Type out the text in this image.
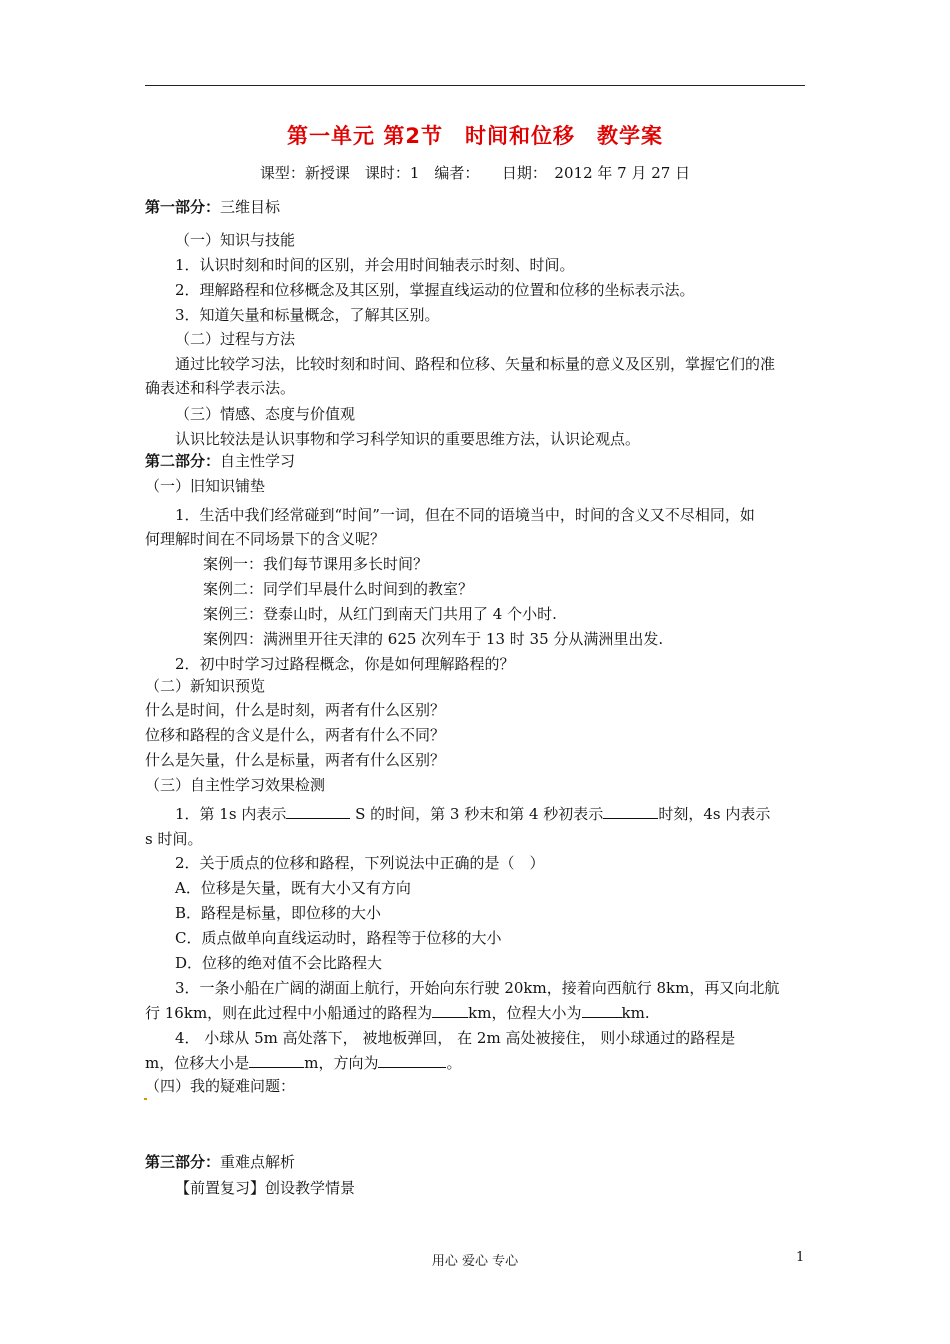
第一单元 第2节　时间和位移　教学案
课型：新授课　课时：1　编者：　　日期：　2012 年 7 月 27 日
第一部分：三维目标
（一）知识与技能
1．认识时刻和时间的区别，并会用时间轴表示时刻、时间。
2．理解路程和位移概念及其区别，掌握直线运动的位置和位移的坐标表示法。
3．知道矢量和标量概念，了解其区别。
（二）过程与方法
通过比较学习法，比较时刻和时间、路程和位移、矢量和标量的意义及区别，掌握它们的准
确表述和科学表示法。
（三）情感、态度与价值观
认识比较法是认识事物和学习科学知识的重要思维方法，认识论观点。
第二部分：自主性学习
（一）旧知识铺垫
1．生活中我们经常碰到“时间”一词，但在不同的语境当中，时间的含义又不尽相同，如
何理解时间在不同场景下的含义呢？
案例一：我们每节课用多长时间？
案例二：同学们早晨什么时间到的教室？
案例三：登泰山时，从红门到南天门共用了 4 个小时.
案例四：满洲里开往天津的 625 次列车于 13 时 35 分从满洲里出发.
2．初中时学习过路程概念，你是如何理解路程的？
（二）新知识预览
什么是时间，什么是时刻，两者有什么区别？
位移和路程的含义是什么，两者有什么不同？
什么是矢量，什么是标量，两者有什么区别？
（三）自主性学习效果检测
1．第 1s 内表示	S 的时间，第 3 秒末和第 4 秒初表示	时刻，4s 内表示
s 时间。
2．关于质点的位移和路程，下列说法中正确的是（　）
A．位移是矢量，既有大小又有方向
B．路程是标量，即位移的大小
C．质点做单向直线运动时，路程等于位移的大小
D．位移的绝对值不会比路程大
3．一条小船在广阔的湖面上航行，开始向东行驶 20km，接着向西航行 8km，再又向北航
行 16km，则在此过程中小船通过的路程为 km，位程大小为	km.
4． 小球从 5m 高处落下， 被地板弹回， 在 2m 高处被接住， 则小球通过的路程是
m，位移大小是	m，方向为	。
（四）我的疑难问题：
第三部分：重难点解析
【前置复习】创设教学情景
用心 爱心 专心	1
